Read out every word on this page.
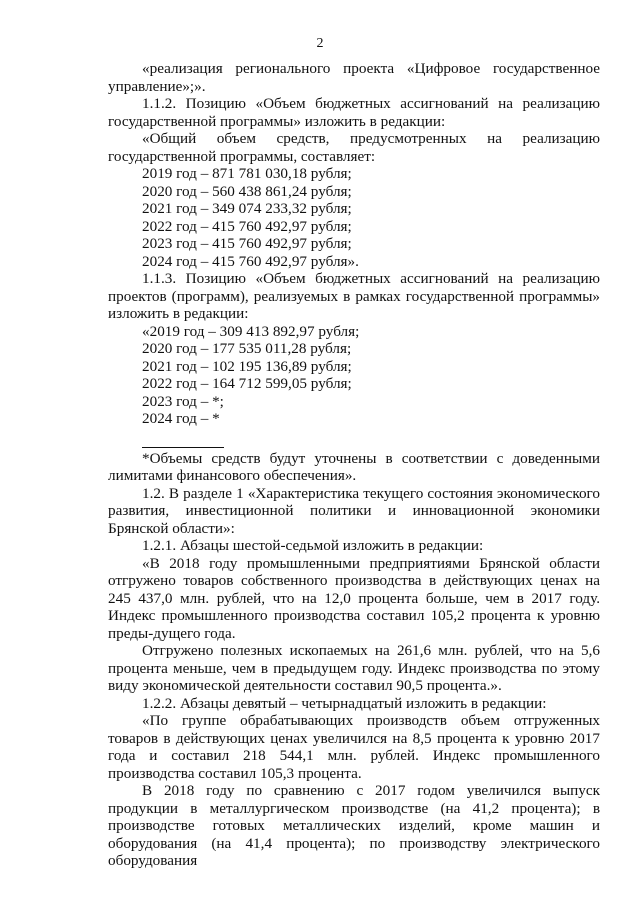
2

«реализация регионального проекта «Цифровое государственное управление»;».

1.1.2. Позицию «Объем бюджетных ассигнований на реализацию государственной программы» изложить в редакции:

«Общий объем средств, предусмотренных на реализацию государственной программы, составляет:

2019 год – 871 781 030,18 рубля;

2020 год – 560 438 861,24 рубля;

2021 год – 349 074 233,32 рубля;

2022 год – 415 760 492,97 рубля;

2023 год – 415 760 492,97 рубля;

2024 год – 415 760 492,97 рубля».

1.1.3. Позицию «Объем бюджетных ассигнований на реализацию проектов (программ), реализуемых в рамках государственной программы» изложить в редакции:

«2019 год – 309 413 892,97 рубля;

2020 год – 177 535 011,28 рубля;

2021 год – 102 195 136,89 рубля;

2022 год – 164 712 599,05 рубля;

2023 год – *;

2024 год – *

*Объемы средств будут уточнены в соответствии с доведенными лимитами финансового обеспечения».

1.2. В разделе 1 «Характеристика текущего состояния экономического развития, инвестиционной политики и инновационной экономики Брянской области»:

1.2.1. Абзацы шестой-седьмой изложить в редакции:

«В 2018 году промышленными предприятиями Брянской области отгружено товаров собственного производства в действующих ценах на 245 437,0 млн. рублей, что на 12,0 процента больше, чем в 2017 году. Индекс промышленного производства составил 105,2 процента к уровню преды-дущего года.

Отгружено полезных ископаемых на 261,6 млн. рублей, что на 5,6 процента меньше, чем в предыдущем году. Индекс производства по этому виду экономической деятельности составил 90,5 процента.».

1.2.2. Абзацы девятый – четырнадцатый изложить в редакции:

«По группе обрабатывающих производств объем отгруженных товаров в действующих ценах увеличился на 8,5 процента к уровню 2017 года и составил 218 544,1 млн. рублей. Индекс промышленного производства составил 105,3 процента.

В 2018 году по сравнению с 2017 годом увеличился выпуск продукции в металлургическом производстве (на 41,2 процента); в производстве готовых металлических изделий, кроме машин и оборудования (на 41,4 процента); по производству электрического оборудования
